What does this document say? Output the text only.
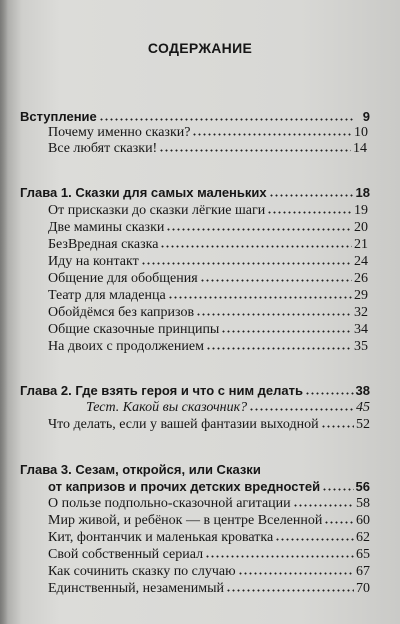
СОДЕРЖАНИЕ
Вступление	9
Почему именно сказки?	10
Все любят сказки!	14
Глава 1. Сказки для самых маленьких	18
От присказки до сказки лёгкие шаги	19
Две мамины сказки	20
БезВредная сказка	21
Иду на контакт	24
Общение для обобщения	26
Театр для младенца	29
Обойдёмся без капризов	32
Общие сказочные принципы	34
На двоих с продолжением	35
Глава 2. Где взять героя и что с ним делать	38
Тест. Какой вы сказочник?	45
Что делать, если у вашей фантазии выходной	52
Глава 3. Сезам, откройся, или Сказки
от капризов и прочих детских вредностей	56
О пользе подпольно-сказочной агитации	58
Мир живой, и ребёнок — в центре Вселенной 60
Кит, фонтанчик и маленькая кроватка	62
Свой собственный сериал	65
Как сочинить сказку по случаю	67
Единственный, незаменимый	70
